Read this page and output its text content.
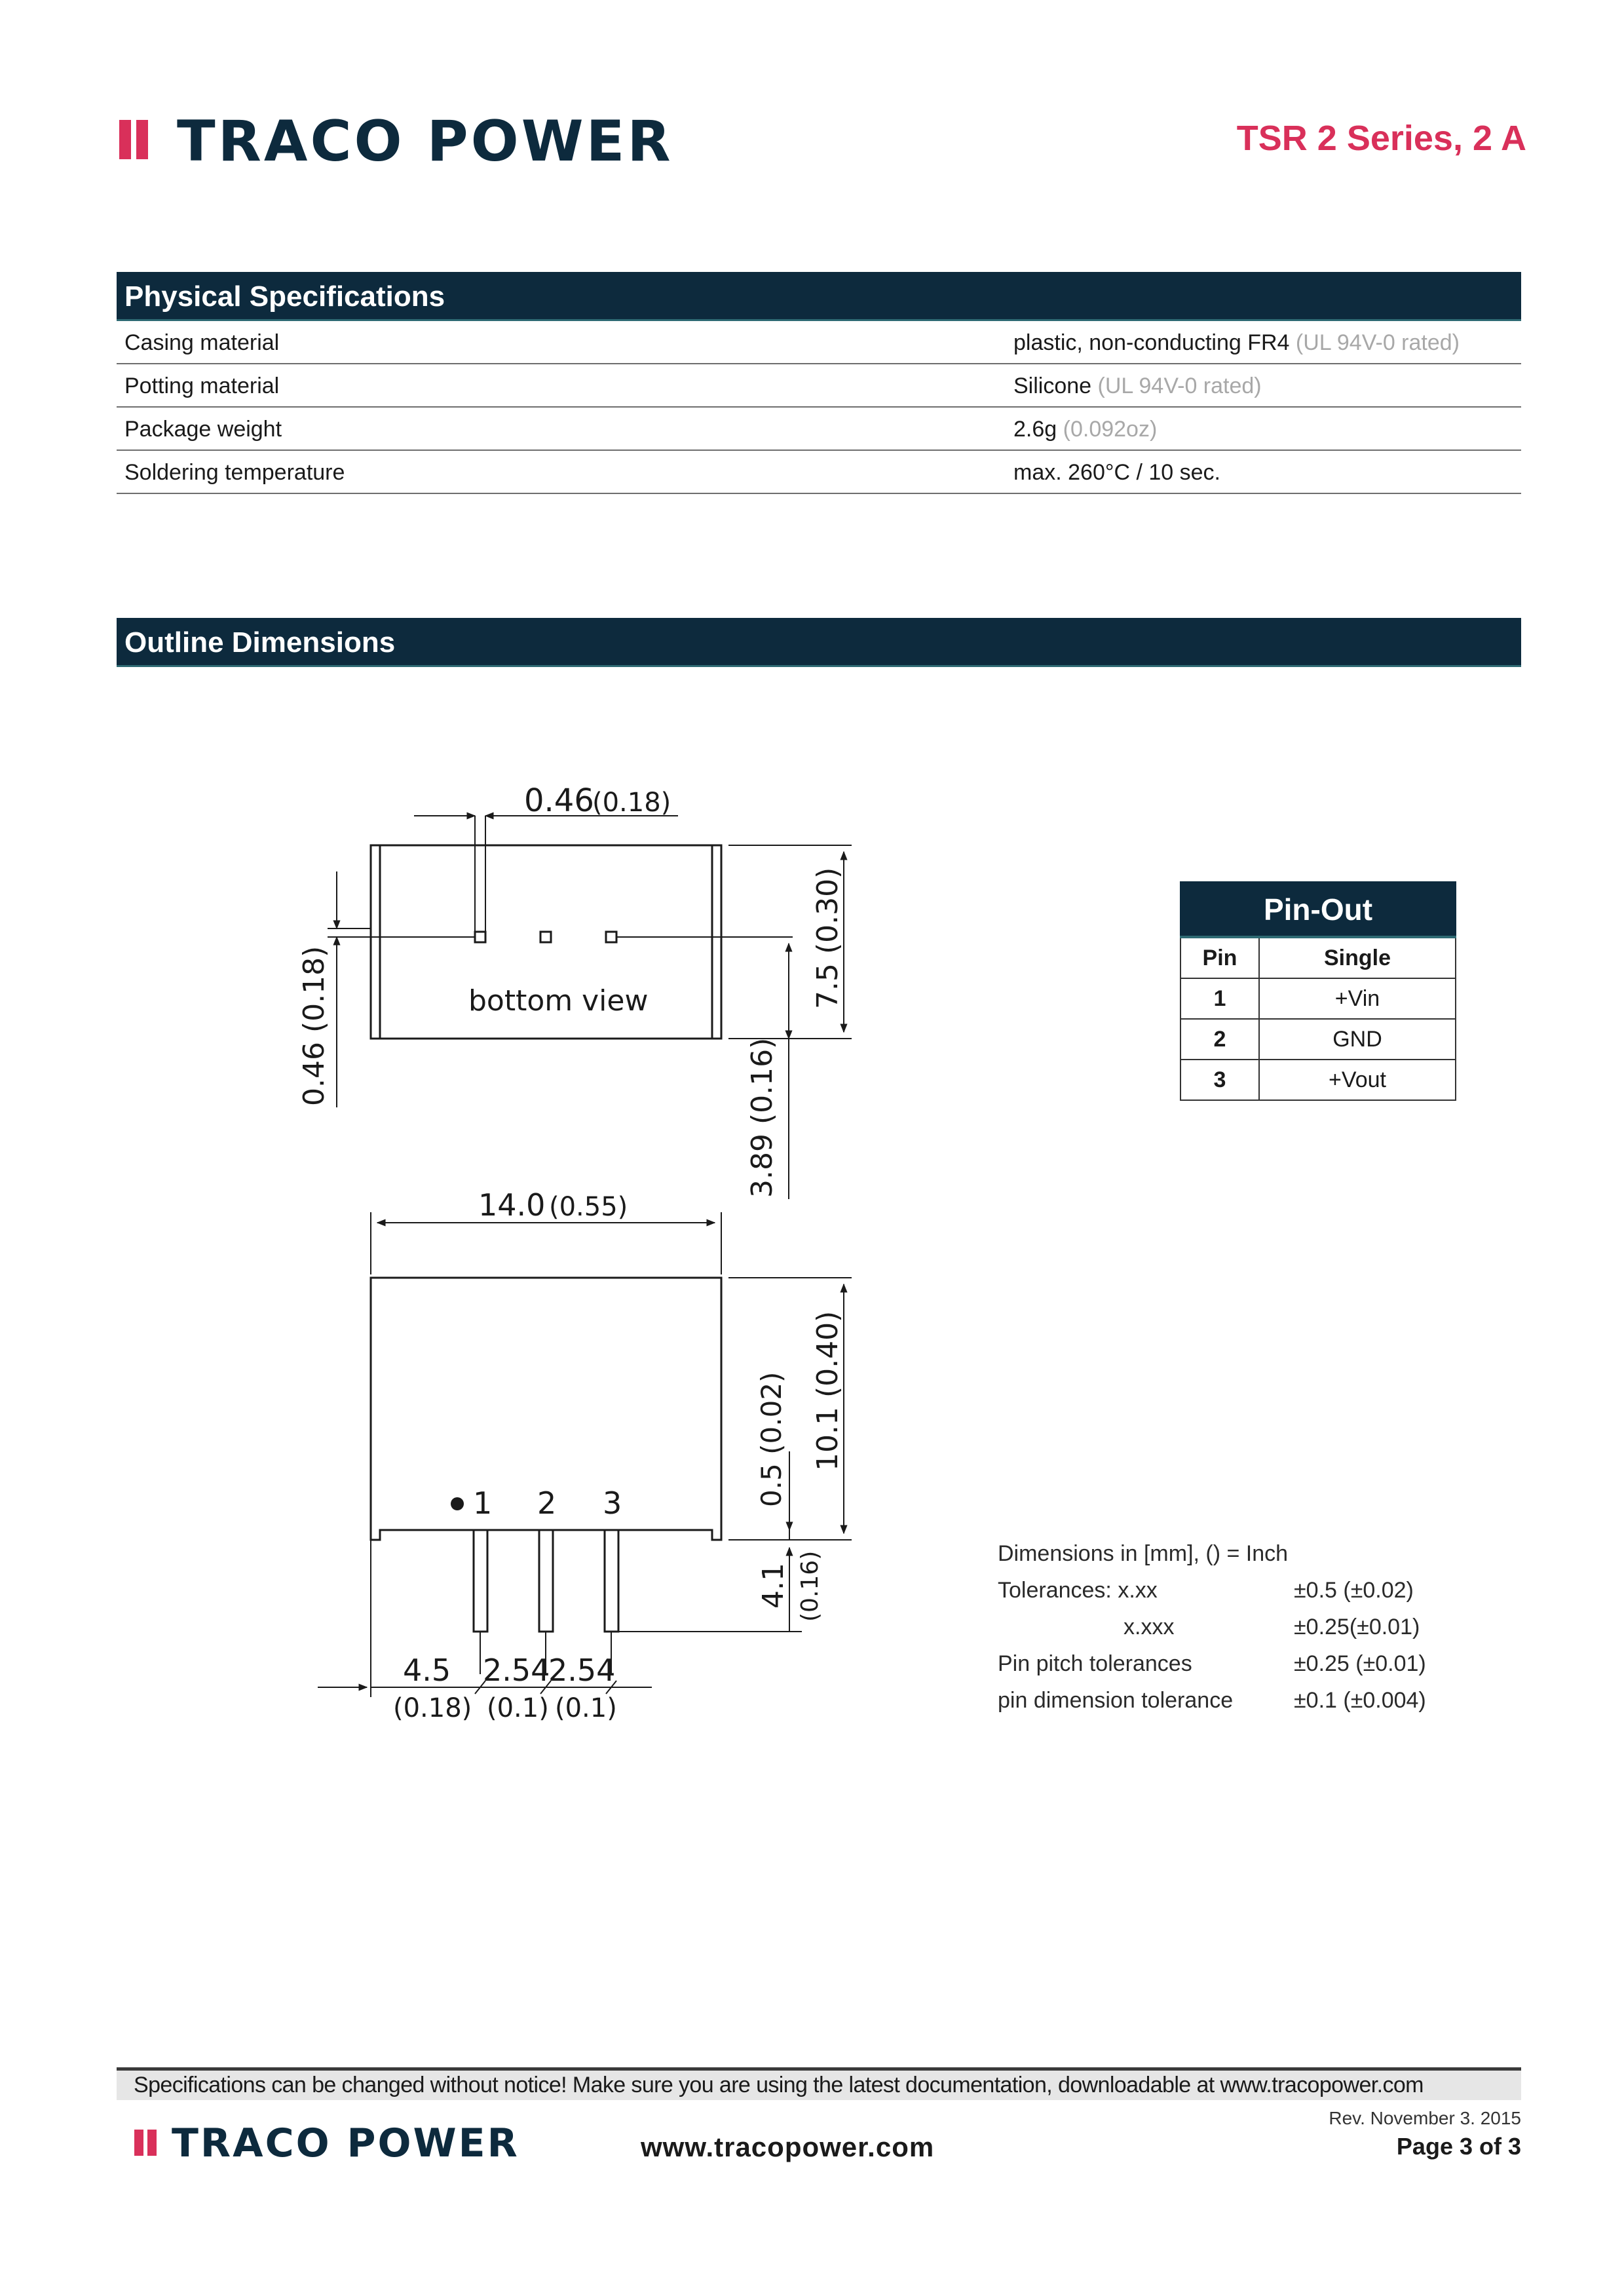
TRACO POWER	TSR 2 Series, 2 A
Physical Specifications
Casing material	plastic, non-conducting FR4 (UL 94V-0 rated)
Potting material	Silicone (UL 94V-0 rated)
Package weight	2.6g (0.092oz)
Soldering temperature	max. 260°C / 10 sec.
Outline Dimensions
0.46
(0.18)
bottom view
0.46 (0.18)
7.5 (0.30)
3.89 (0.16)
14.0 (0.55)
1 2 3
10.1 (0.40)
0.5 (0.02)
4.1 (0.16)
4.5
(0.18)
2.54
(0.1)
2.54
(0.1)
Pin-Out	
Pin	Single
1	+Vin
2	GND
3	+Vout
Dimensions in [mm], () = Inch
Tolerances: x.xx	±0.5 (±0.02)
x.xxx	±0.25(±0.01)
Pin pitch tolerances	±0.25 (±0.01)
pin dimension tolerance	±0.1 (±0.004)
Specifications can be changed without notice! Make sure you are using the latest documentation, downloadable at www.tracopower.com
TRACO POWER	www.tracopower.com
Rev. November 3. 2015
Page 3 of 3
